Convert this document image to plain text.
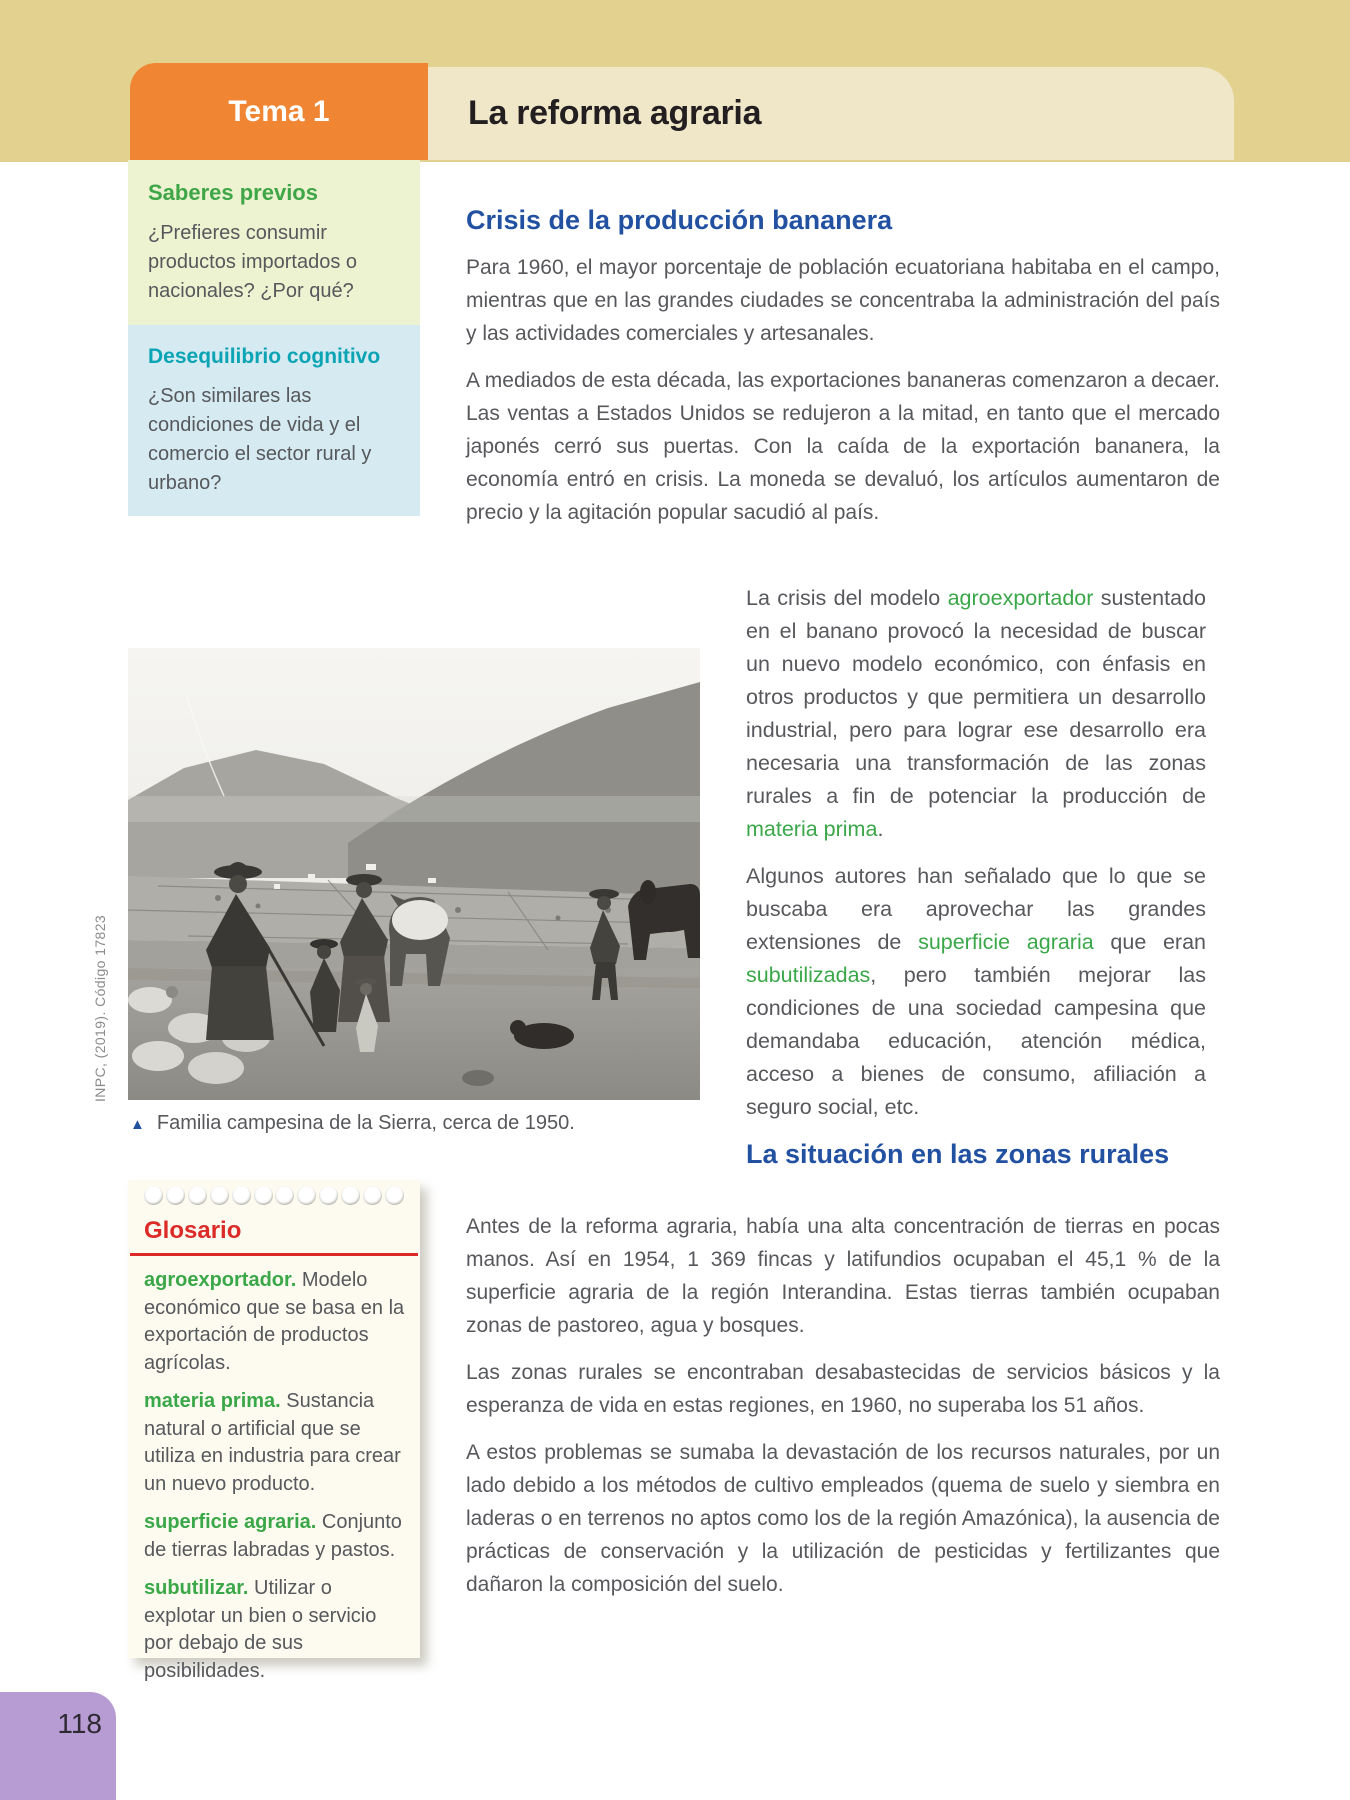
La reforma agraria
Tema 1
Saberes previos

¿Prefieres consumir productos importados o nacionales? ¿Por qué?

Desequilibrio cognitivo

¿Son similares las condiciones de vida y el comercio el sector rural y urbano?

Crisis de la producción bananera

Para 1960, el mayor porcentaje de población ecuatoriana habitaba en el campo, mientras que en las grandes ciudades se concentraba la administración del país y las actividades comerciales y artesanales.

A mediados de esta década, las exportaciones bananeras comenzaron a decaer. Las ventas a Estados Unidos se redujeron a la mitad, en tanto que el mercado japonés cerró sus puertas. Con la caída de la exportación bananera, la economía entró en crisis. La moneda se devaluó, los artículos aumentaron de precio y la agitación popular sacudió al país.

La crisis del modelo agroexportador sustentado en el banano provocó la necesidad de buscar un nuevo modelo económico, con énfasis en otros productos y que permitiera un desarrollo industrial, pero para lograr ese desarrollo era necesaria una transformación de las zonas rurales a fin de potenciar la producción de materia prima.

Algunos autores han señalado que lo que se buscaba era aprovechar las grandes extensiones de superficie agraria que eran subutilizadas, pero también mejorar las condiciones de una sociedad campesina que demandaba educación, atención médica, acceso a bienes de consumo, afiliación a seguro social, etc.

INPC, (2019). Código 17823
▲ Familia campesina de la Sierra, cerca de 1950.
La situación en las zonas rurales

Antes de la reforma agraria, había una alta concentración de tierras en pocas manos. Así en 1954, 1 369 fincas y latifundios ocupaban el 45,1 % de la superficie agraria de la región Interandina. Estas tierras también ocupaban zonas de pastoreo, agua y bosques.

Las zonas rurales se encontraban desabastecidas de servicios básicos y la esperanza de vida en estas regiones, en 1960, no superaba los 51 años.

A estos problemas se sumaba la devastación de los recursos naturales, por un lado debido a los métodos de cultivo empleados (quema de suelo y siembra en laderas o en terrenos no aptos como los de la región Amazónica), la ausencia de prácticas de conservación y la utilización de pesticidas y fertilizantes que dañaron la composición del suelo.

Glosario

agroexportador. Modelo económico que se basa en la exportación de productos agrícolas.

materia prima. Sustancia natural o artificial que se utiliza en industria para crear un nuevo producto.

superficie agraria. Conjunto de tierras labradas y pastos.

subutilizar. Utilizar o explotar un bien o servicio por debajo de sus posibilidades.

118
